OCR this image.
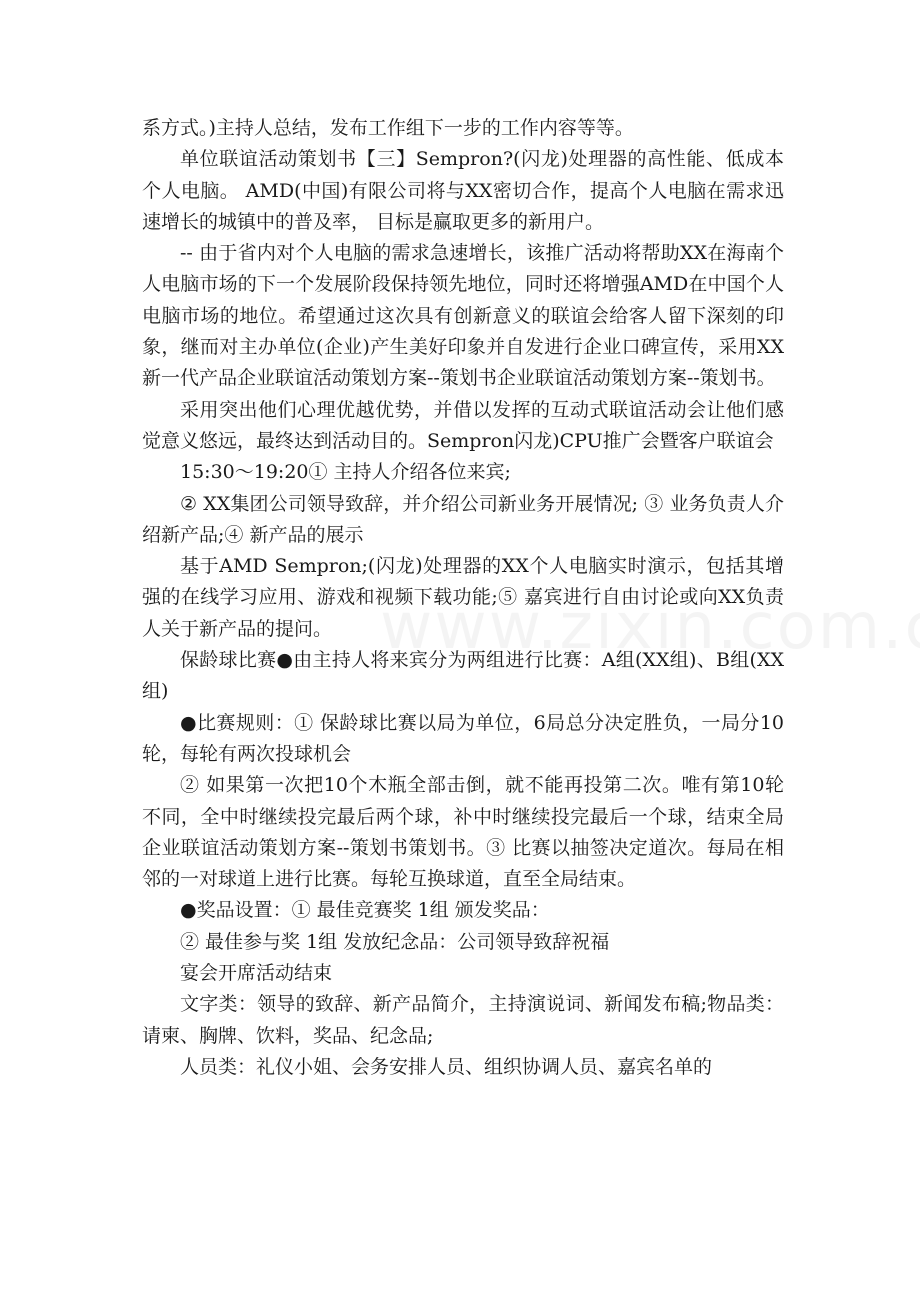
系方式。)主持人总结，发布工作组下一步的工作内容等等。

单位联谊活动策划书【三】Sempron?(闪龙)处理器的高性能、低成本个人电脑。 AMD(中国)有限公司将与XX密切合作，提高个人电脑在需求迅速增长的城镇中的普及率， 目标是赢取更多的新用户。

-- 由于省内对个人电脑的需求急速增长，该推广活动将帮助XX在海南个人电脑市场的下一个发展阶段保持领先地位，同时还将增强AMD在中国个人电脑市场的地位。希望通过这次具有创新意义的联谊会给客人留下深刻的印象，继而对主办单位(企业)产生美好印象并自发进行企业口碑宣传，采用XX新一代产品企业联谊活动策划方案--策划书企业联谊活动策划方案--策划书。

采用突出他们心理优越优势，并借以发挥的互动式联谊活动会让他们感觉意义悠远，最终达到活动目的。Sempron闪龙)CPU推广会暨客户联谊会

15:30～19:20① 主持人介绍各位来宾;

② XX集团公司领导致辞，并介绍公司新业务开展情况; ③ 业务负责人介绍新产品;④ 新产品的展示

基于AMD Sempron;(闪龙)处理器的XX个人电脑实时演示，包括其增强的在线学习应用、游戏和视频下载功能;⑤ 嘉宾进行自由讨论或向XX负责人关于新产品的提问。

保龄球比赛●由主持人将来宾分为两组进行比赛：A组(XX组)、B组(XX组)

●比赛规则：① 保龄球比赛以局为单位，6局总分决定胜负，一局分10轮，每轮有两次投球机会

② 如果第一次把10个木瓶全部击倒，就不能再投第二次。唯有第10轮不同，全中时继续投完最后两个球，补中时继续投完最后一个球，结束全局企业联谊活动策划方案--策划书策划书。③ 比赛以抽签决定道次。每局在相邻的一对球道上进行比赛。每轮互换球道，直至全局结束。

●奖品设置：① 最佳竞赛奖 1组 颁发奖品：

② 最佳参与奖 1组 发放纪念品：公司领导致辞祝福

宴会开席活动结束

文字类：领导的致辞、新产品简介，主持演说词、新闻发布稿;物品类：请柬、胸牌、饮料，奖品、纪念品;

人员类：礼仪小姐、会务安排人员、组织协调人员、嘉宾名单的
